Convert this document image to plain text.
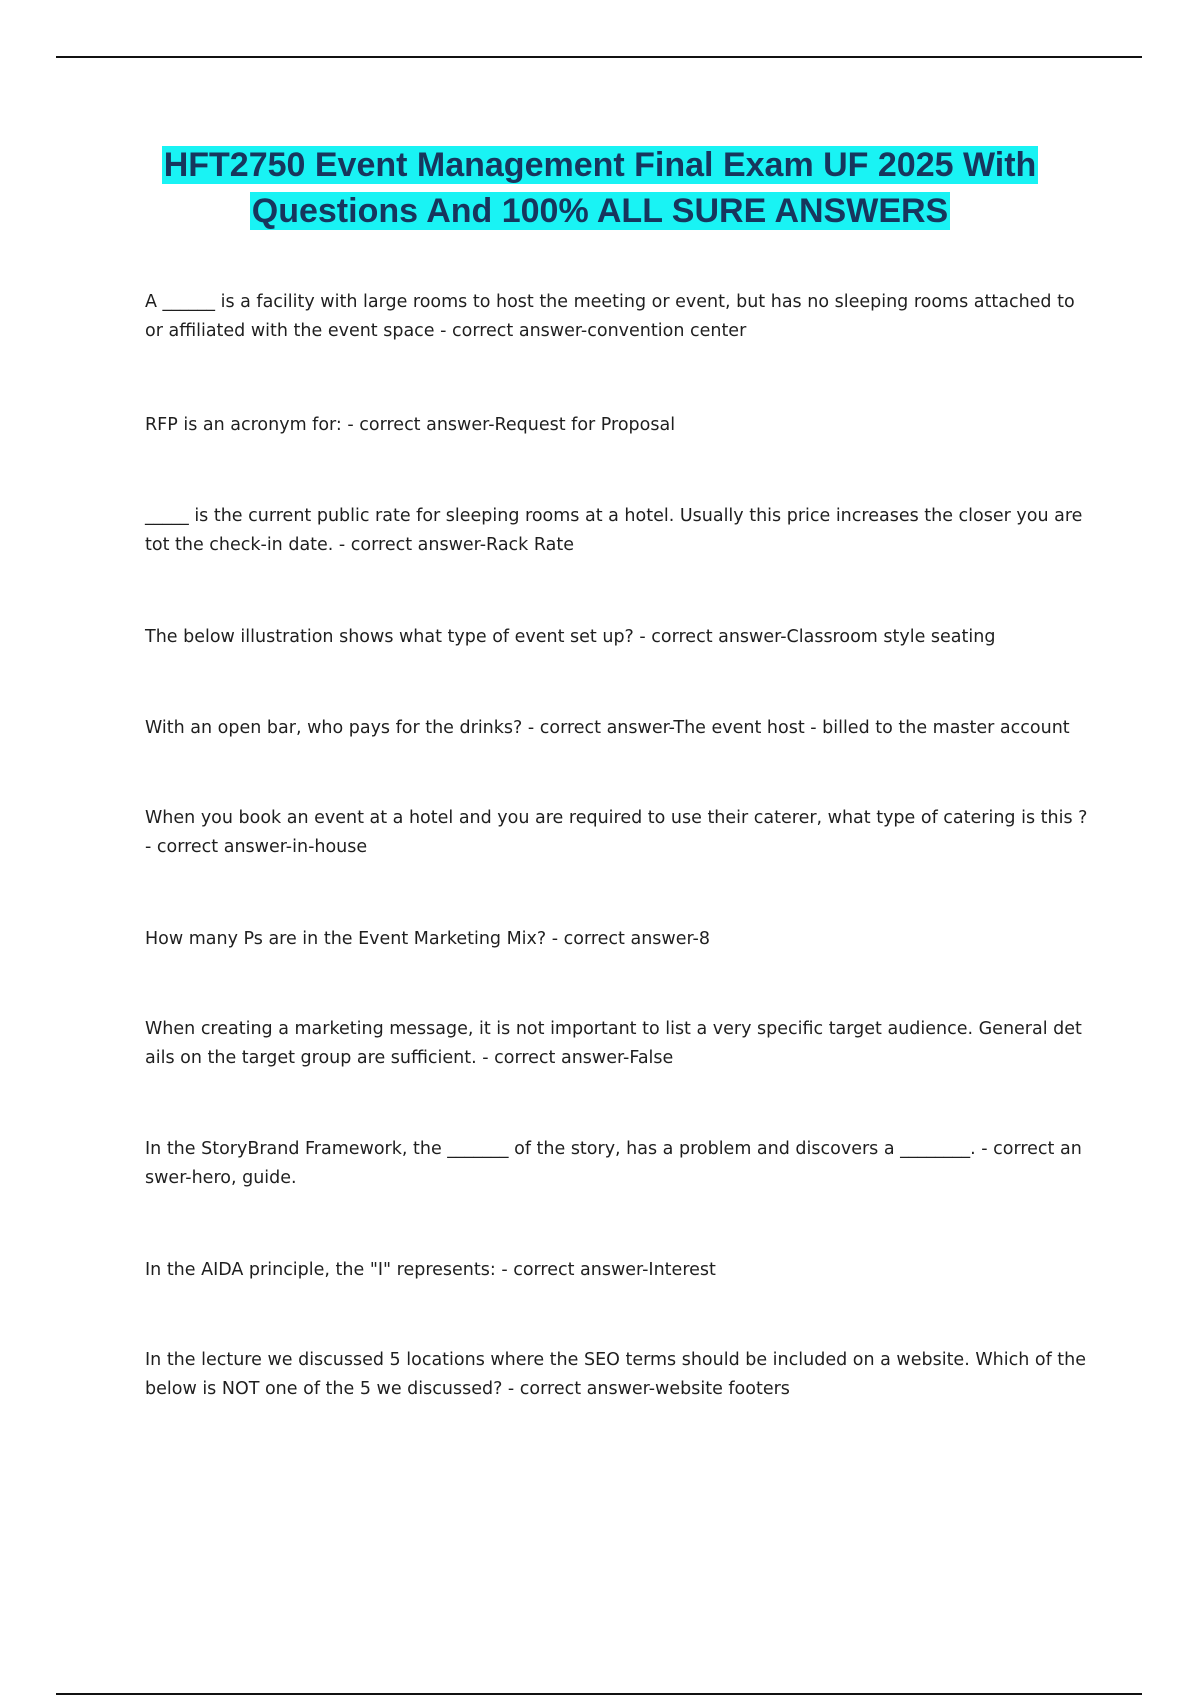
HFT2750 Event Management Final Exam UF 2025 With
Questions And 100% ALL SURE ANSWERS
A ______ is a facility with large rooms to host the meeting or event, but has no sleeping rooms attached to or affiliated with the event space - correct answer-convention center
RFP is an acronym for: - correct answer-Request for Proposal
_____ is the current public rate for sleeping rooms at a hotel. Usually this price increases the closer you are tot the check-in date. - correct answer-Rack Rate
The below illustration shows what type of event set up? - correct answer-Classroom style seating
With an open bar, who pays for the drinks? - correct answer-The event host - billed to the master account
When you book an event at a hotel and you are required to use their caterer, what type of catering is this ? - correct answer-in-house
How many Ps are in the Event Marketing Mix? - correct answer-8
When creating a marketing message, it is not important to list a very specific target audience. General details on the target group are sufficient. - correct answer-False
In the StoryBrand Framework, the _______ of the story, has a problem and discovers a ________. - correct answer-hero, guide.
In the AIDA principle, the "I" represents: - correct answer-Interest
In the lecture we discussed 5 locations where the SEO terms should be included on a website. Which of the below is NOT one of the 5 we discussed? - correct answer-website footers
